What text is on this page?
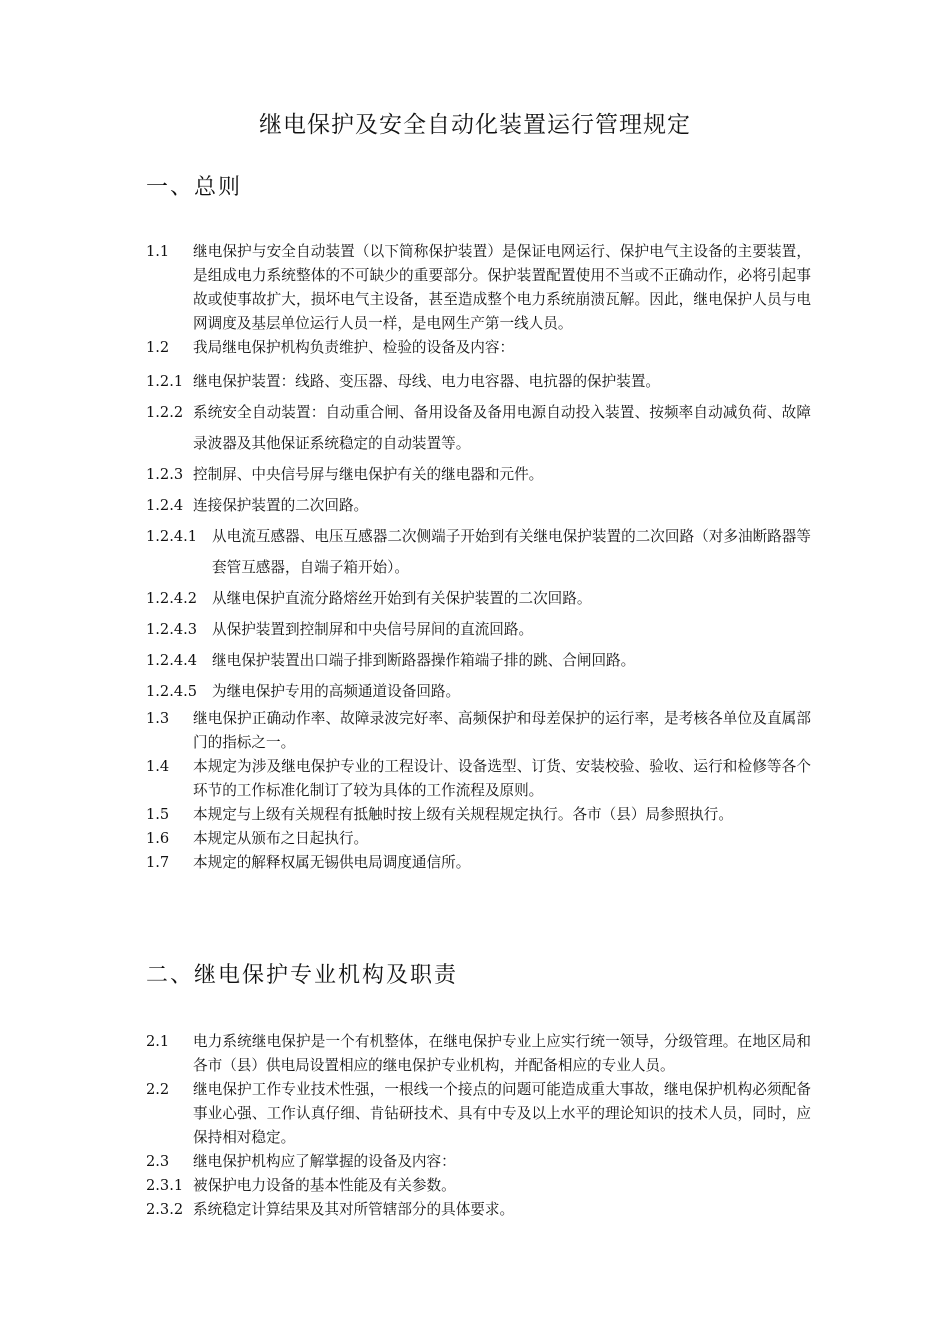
继电保护及安全自动化装置运行管理规定
一、总则
1.1	继电保护与安全自动装置（以下简称保护装置）是保证电网运行、保护电气主设备的主要装置，是组成电力系统整体的不可缺少的重要部分。保护装置配置使用不当或不正确动作，必将引起事故或使事故扩大，损坏电气主设备，甚至造成整个电力系统崩溃瓦解。因此，继电保护人员与电网调度及基层单位运行人员一样，是电网生产第一线人员。
1.2	我局继电保护机构负责维护、检验的设备及内容：
1.2.1 继电保护装置：线路、变压器、母线、电力电容器、电抗器的保护装置。
1.2.2 系统安全自动装置：自动重合闸、备用设备及备用电源自动投入装置、按频率自动减负荷、故障录波器及其他保证系统稳定的自动装置等。
1.2.3 控制屏、中央信号屏与继电保护有关的继电器和元件。
1.2.4 连接保护装置的二次回路。
1.2.4.1	从电流互感器、电压互感器二次侧端子开始到有关继电保护装置的二次回路（对多油断路器等套管互感器，自端子箱开始）。
1.2.4.2	从继电保护直流分路熔丝开始到有关保护装置的二次回路。
1.2.4.3	从保护装置到控制屏和中央信号屏间的直流回路。
1.2.4.4	继电保护装置出口端子排到断路器操作箱端子排的跳、合闸回路。
1.2.4.5	为继电保护专用的高频通道设备回路。
1.3	继电保护正确动作率、故障录波完好率、高频保护和母差保护的运行率，是考核各单位及直属部门的指标之一。
1.4	本规定为涉及继电保护专业的工程设计、设备选型、订货、安装校验、验收、运行和检修等各个环节的工作标准化制订了较为具体的工作流程及原则。
1.5	本规定与上级有关规程有抵触时按上级有关规程规定执行。各市（县）局参照执行。
1.6	本规定从颁布之日起执行。
1.7	本规定的解释权属无锡供电局调度通信所。
二、继电保护专业机构及职责
2.1	电力系统继电保护是一个有机整体，在继电保护专业上应实行统一领导，分级管理。在地区局和各市（县）供电局设置相应的继电保护专业机构，并配备相应的专业人员。
2.2	继电保护工作专业技术性强，一根线一个接点的问题可能造成重大事故，继电保护机构必须配备事业心强、工作认真仔细、肯钻研技术、具有中专及以上水平的理论知识的技术人员，同时，应保持相对稳定。
2.3	继电保护机构应了解掌握的设备及内容：
2.3.1 被保护电力设备的基本性能及有关参数。
2.3.2 系统稳定计算结果及其对所管辖部分的具体要求。
